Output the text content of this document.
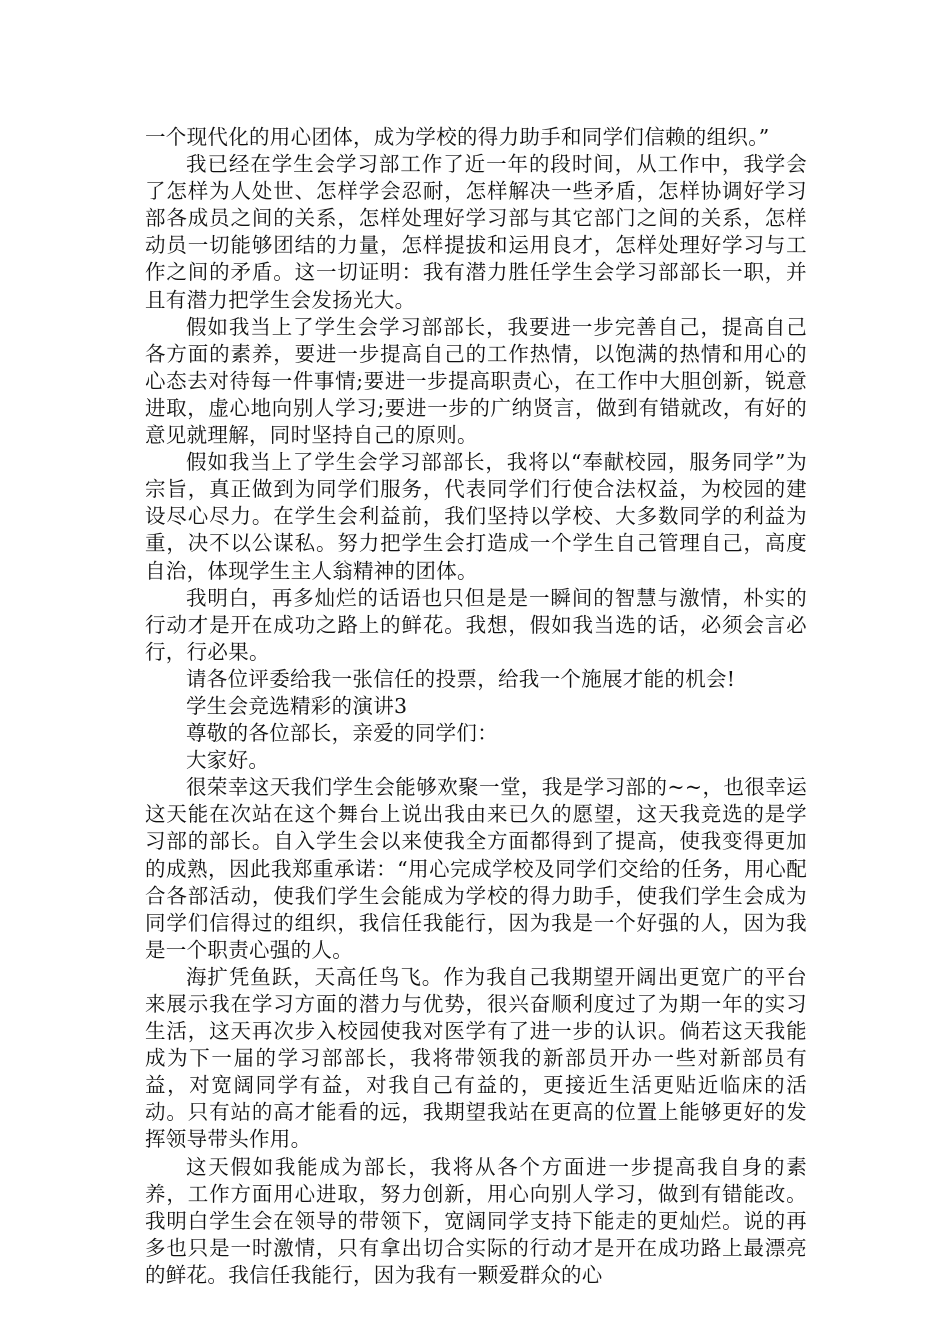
一个现代化的用心团体，成为学校的得力助手和同学们信赖的组织。”

我已经在学生会学习部工作了近一年的段时间，从工作中，我学会了怎样为人处世、怎样学会忍耐，怎样解决一些矛盾，怎样协调好学习部各成员之间的关系，怎样处理好学习部与其它部门之间的关系，怎样动员一切能够团结的力量，怎样提拔和运用良才，怎样处理好学习与工作之间的矛盾。这一切证明：我有潜力胜任学生会学习部部长一职，并且有潜力把学生会发扬光大。

假如我当上了学生会学习部部长，我要进一步完善自己，提高自己各方面的素养，要进一步提高自己的工作热情，以饱满的热情和用心的心态去对待每一件事情;要进一步提高职责心，在工作中大胆创新，锐意进取，虚心地向别人学习;要进一步的广纳贤言，做到有错就改，有好的意见就理解，同时坚持自己的原则。

假如我当上了学生会学习部部长，我将以“奉献校园，服务同学”为宗旨，真正做到为同学们服务，代表同学们行使合法权益，为校园的建设尽心尽力。在学生会利益前，我们坚持以学校、大多数同学的利益为重，决不以公谋私。努力把学生会打造成一个学生自己管理自己，高度自治，体现学生主人翁精神的团体。

我明白，再多灿烂的话语也只但是是一瞬间的智慧与激情，朴实的行动才是开在成功之路上的鲜花。我想，假如我当选的话，必须会言必行，行必果。

请各位评委给我一张信任的投票，给我一个施展才能的机会!

学生会竞选精彩的演讲3

尊敬的各位部长，亲爱的同学们：

大家好。

很荣幸这天我们学生会能够欢聚一堂，我是学习部的~~，也很幸运这天能在次站在这个舞台上说出我由来已久的愿望，这天我竞选的是学习部的部长。自入学生会以来使我全方面都得到了提高，使我变得更加的成熟，因此我郑重承诺：“用心完成学校及同学们交给的任务，用心配合各部活动，使我们学生会能成为学校的得力助手，使我们学生会成为同学们信得过的组织，我信任我能行，因为我是一个好强的人，因为我是一个职责心强的人。

海扩凭鱼跃，天高任鸟飞。作为我自己我期望开阔出更宽广的平台来展示我在学习方面的潜力与优势，很兴奋顺利度过了为期一年的实习生活，这天再次步入校园使我对医学有了进一步的认识。倘若这天我能成为下一届的学习部部长，我将带领我的新部员开办一些对新部员有益，对宽阔同学有益，对我自己有益的，更接近生活更贴近临床的活动。只有站的高才能看的远，我期望我站在更高的位置上能够更好的发挥领导带头作用。

这天假如我能成为部长，我将从各个方面进一步提高我自身的素养，工作方面用心进取，努力创新，用心向别人学习，做到有错能改。我明白学生会在领导的带领下，宽阔同学支持下能走的更灿烂。说的再多也只是一时激情，只有拿出切合实际的行动才是开在成功路上最漂亮的鲜花。我信任我能行，因为我有一颗爱群众的心
